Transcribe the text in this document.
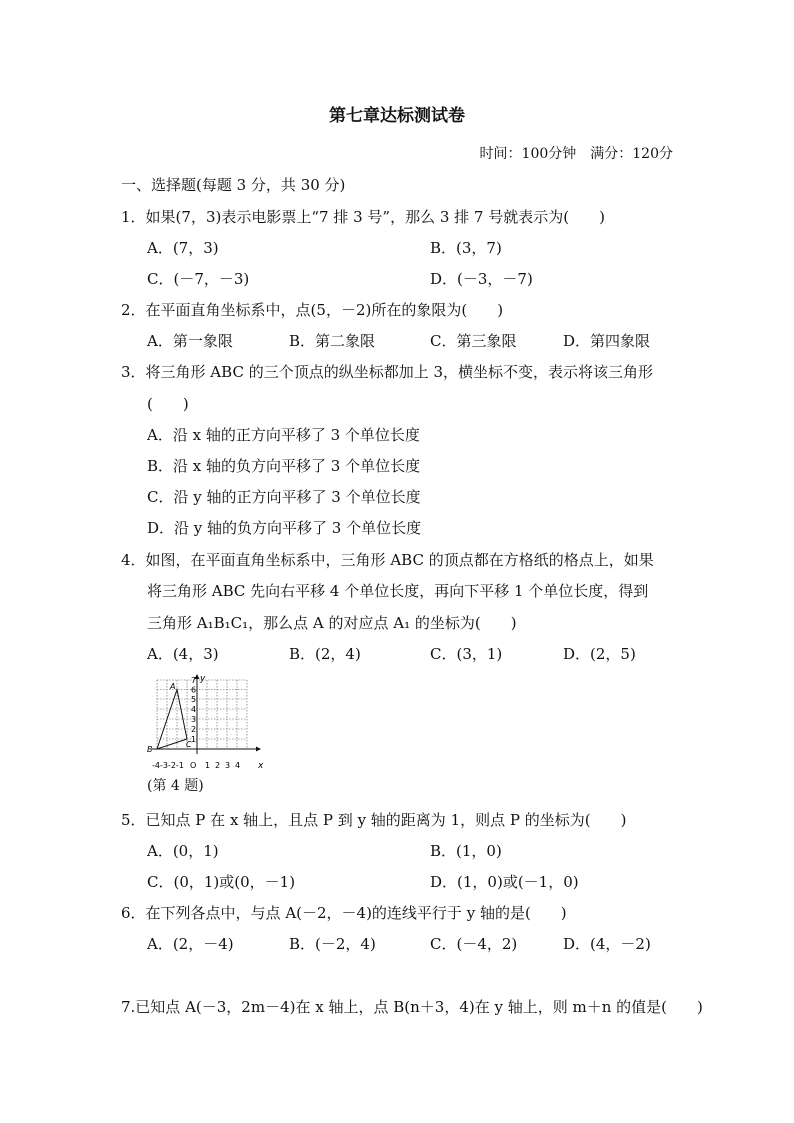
第七章达标测试卷
时间：100分钟　满分：120分
一、选择题(每题 3 分，共 30 分)
1．如果(7，3)表示电影票上“7 排 3 号”，那么 3 排 7 号就表示为(　　)
A．(7，3)	B．(3，7)
C．(－7，－3)	D．(－3，－7)
2．在平面直角坐标系中，点(5，－2)所在的象限为(　　)
A．第一象限	B．第二象限	C．第三象限	D．第四象限
3．将三角形 ABC 的三个顶点的纵坐标都加上 3，横坐标不变，表示将该三角形
(　　)
A．沿 x 轴的正方向平移了 3 个单位长度
B．沿 x 轴的负方向平移了 3 个单位长度
C．沿 y 轴的正方向平移了 3 个单位长度
D．沿 y 轴的负方向平移了 3 个单位长度
4．如图，在平面直角坐标系中，三角形 ABC 的顶点都在方格纸的格点上，如果
将三角形 ABC 先向右平移 4 个单位长度，再向下平移 1 个单位长度，得到
三角形 A₁B₁C₁，那么点 A 的对应点 A₁ 的坐标为(　　)
A．(4，3)	B．(2，4)	C．(3，1)	D．(2，5)
x
y
O
A
B
C
-4-3-2-1	1 2 3 4
1
2
3
4
5
6
7
(第 4 题)
5．已知点 P 在 x 轴上，且点 P 到 y 轴的距离为 1，则点 P 的坐标为(　　)
A．(0，1)	B．(1，0)
C．(0，1)或(0，－1)	D．(1，0)或(－1，0)
6．在下列各点中，与点 A(－2，－4)的连线平行于 y 轴的是(　　)
A．(2，－4)	B．(－2，4)	C．(－4，2)	D．(4，－2)
7.已知点 A(－3，2m－4)在 x 轴上，点 B(n＋3，4)在 y 轴上，则 m＋n 的值是(　　)
